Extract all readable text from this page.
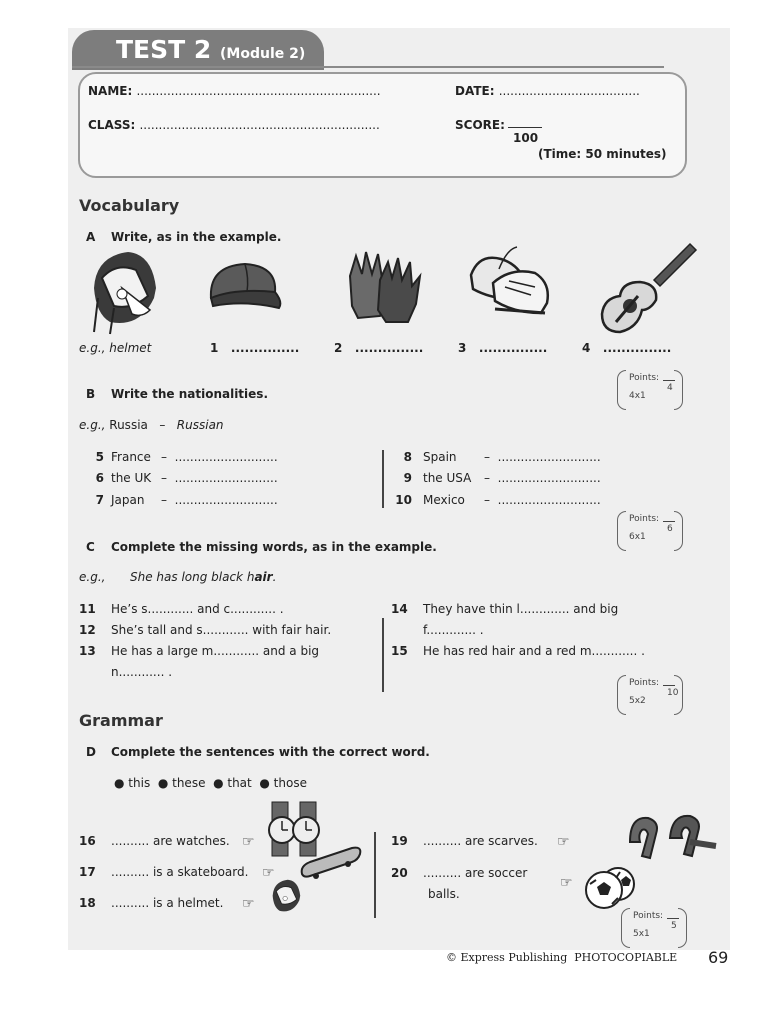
TEST 2 (Module 2)
NAME: ................................................................	DATE: .....................................
CLASS: ...............................................................	SCORE:
100
(Time: 50 minutes)
Vocabulary
A Write, as in the example.
e.g., helmet	1 ...............	2 ...............	3 ...............	4 ...............
Points:
4
4x1
B Write the nationalities.
e.g., Russia – Russian
5 France – ...........................
6 the UK – ...........................
7 Japan – ...........................
8 Spain – ...........................
9 the USA – ...........................
10 Mexico – ...........................
Points:
6
6x1
C Complete the missing words, as in the example.
e.g., She has long black hair.
11 He’s s............ and c............ .
12 She’s tall and s............ with fair hair.
13 He has a large m............ and a big
n............ .
14 They have thin l............. and big
f............. .
15 He has red hair and a red m............ .
Points:
10
5x2
Grammar
D Complete the sentences with the correct word.
● this  ● these  ● that  ● those
☞
☞
☞
☞
☞
16 .......... are watches.
17 .......... is a skateboard.
18 .......... is a helmet.
19 .......... are scarves.
20 .......... are soccer
balls.
Points:
5
5x1
© Express Publishing PHOTOCOPIABLE 69
